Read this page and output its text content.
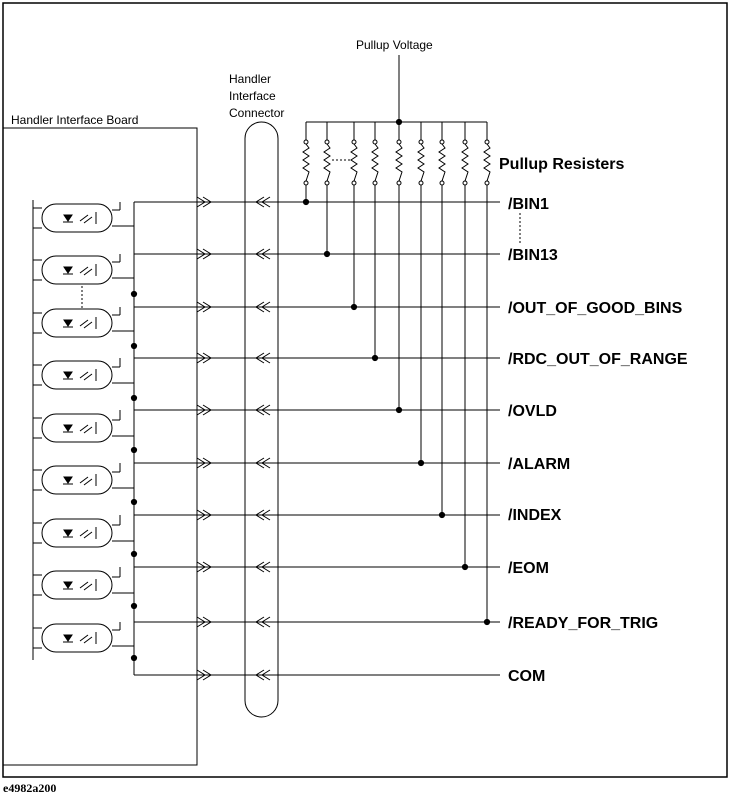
Pullup Voltage
Handler
Interface
Connector
Handler Interface Board
Pullup Resisters
/BIN1
/BIN13
/OUT_OF_GOOD_BINS
/RDC_OUT_OF_RANGE
/OVLD
/ALARM
/INDEX
/EOM
/READY_FOR_TRIG
COM
e4982a200
